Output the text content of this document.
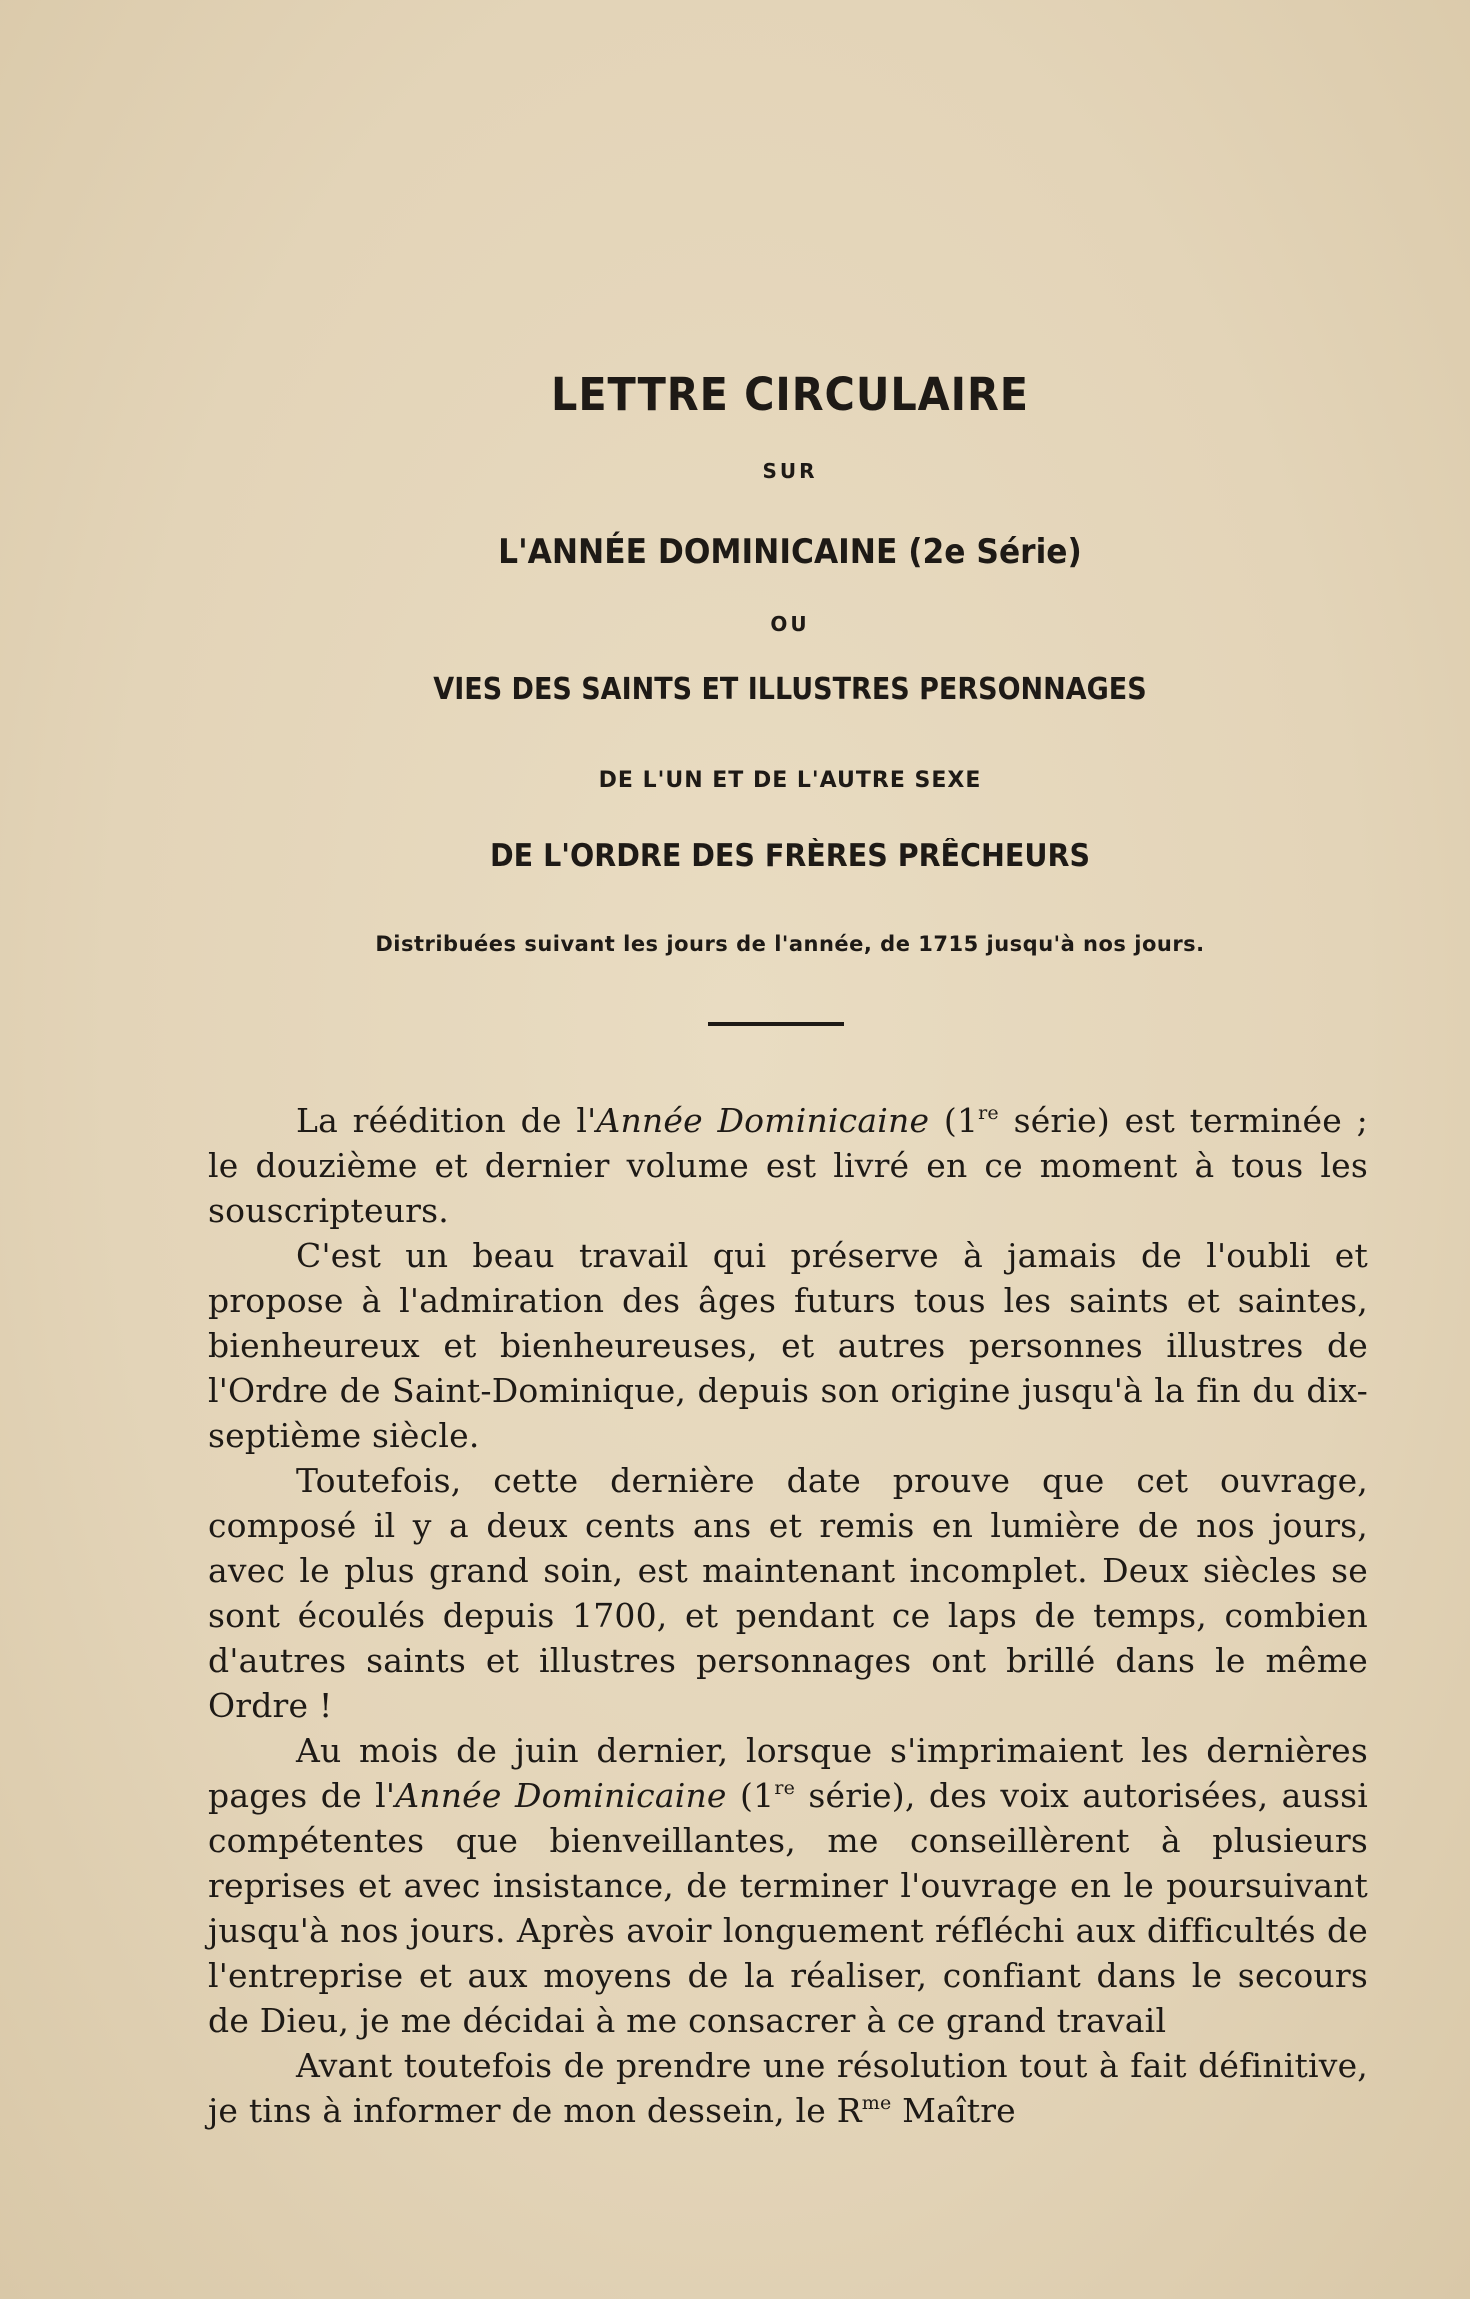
LETTRE CIRCULAIRE
SUR
L'ANNÉE DOMINICAINE (2e Série)
OU
VIES DES SAINTS ET ILLUSTRES PERSONNAGES
DE L'UN ET DE L'AUTRE SEXE
DE L'ORDRE DES FRÈRES PRÊCHEURS
Distribuées suivant les jours de l'année, de 1715 jusqu'à nos jours.

La réédition de l'Année Dominicaine (1re série) est terminée ; le douzième et dernier volume est livré en ce moment à tous les souscripteurs.

C'est un beau travail qui préserve à jamais de l'oubli et propose à l'admiration des âges futurs tous les saints et saintes, bienheureux et bienheureuses, et autres personnes illustres de l'Ordre de Saint-Dominique, depuis son origine jusqu'à la fin du dix-septième siècle.

Toutefois, cette dernière date prouve que cet ouvrage, composé il y a deux cents ans et remis en lumière de nos jours, avec le plus grand soin, est maintenant incomplet. Deux siècles se sont écoulés depuis 1700, et pendant ce laps de temps, combien d'autres saints et illustres personnages ont brillé dans le même Ordre !

Au mois de juin dernier, lorsque s'imprimaient les dernières pages de l'Année Dominicaine (1re série), des voix autorisées, aussi compétentes que bienveillantes, me conseillèrent à plusieurs reprises et avec insistance, de terminer l'ouvrage en le poursuivant jusqu'à nos jours. Après avoir longuement réfléchi aux difficultés de l'entreprise et aux moyens de la réaliser, confiant dans le secours de Dieu, je me décidai à me consacrer à ce grand travail

Avant toutefois de prendre une résolution tout à fait définitive, je tins à informer de mon dessein, le $R^{me}$ Maître
